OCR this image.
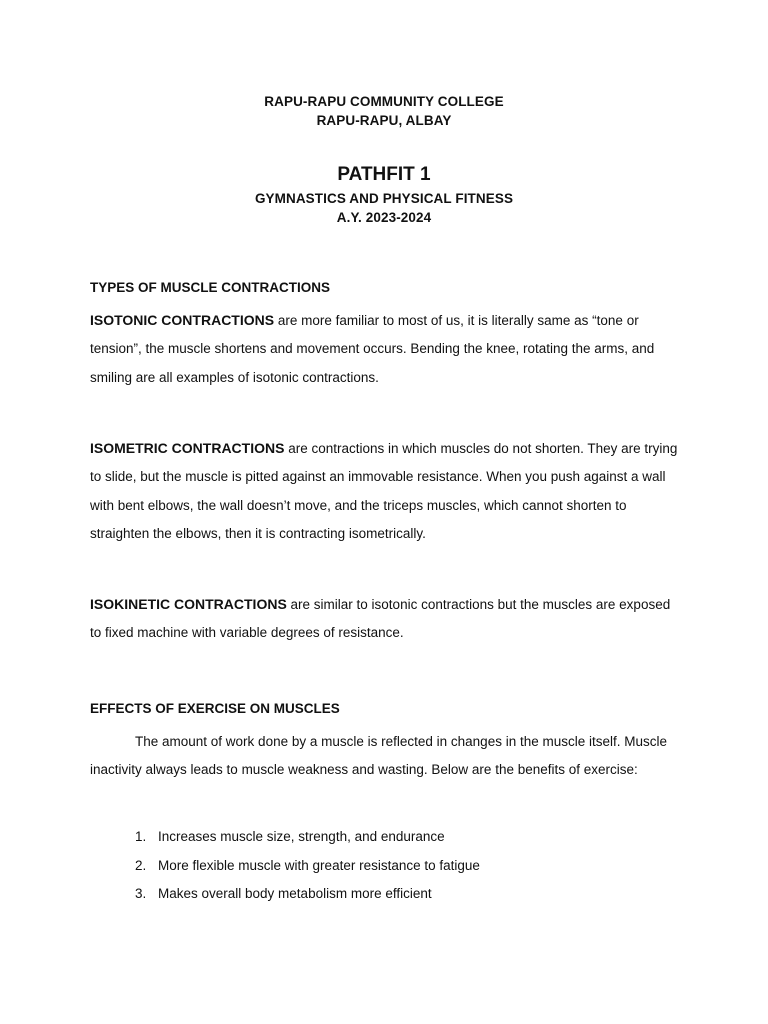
RAPU-RAPU COMMUNITY COLLEGE
RAPU-RAPU, ALBAY
PATHFIT 1
GYMNASTICS AND PHYSICAL FITNESS
A.Y. 2023-2024
TYPES OF MUSCLE CONTRACTIONS

ISOTONIC CONTRACTIONS are more familiar to most of us, it is literally same as “tone or tension”, the muscle shortens and movement occurs. Bending the knee, rotating the arms, and smiling are all examples of isotonic contractions.

ISOMETRIC CONTRACTIONS are contractions in which muscles do not shorten. They are trying to slide, but the muscle is pitted against an immovable resistance. When you push against a wall with bent elbows, the wall doesn’t move, and the triceps muscles, which cannot shorten to straighten the elbows, then it is contracting isometrically.

ISOKINETIC CONTRACTIONS are similar to isotonic contractions but the muscles are exposed to fixed machine with variable degrees of resistance.

EFFECTS OF EXERCISE ON MUSCLES

The amount of work done by a muscle is reflected in changes in the muscle itself. Muscle inactivity always leads to muscle weakness and wasting. Below are the benefits of exercise:

1. Increases muscle size, strength, and endurance
2. More flexible muscle with greater resistance to fatigue
3. Makes overall body metabolism more efficient
